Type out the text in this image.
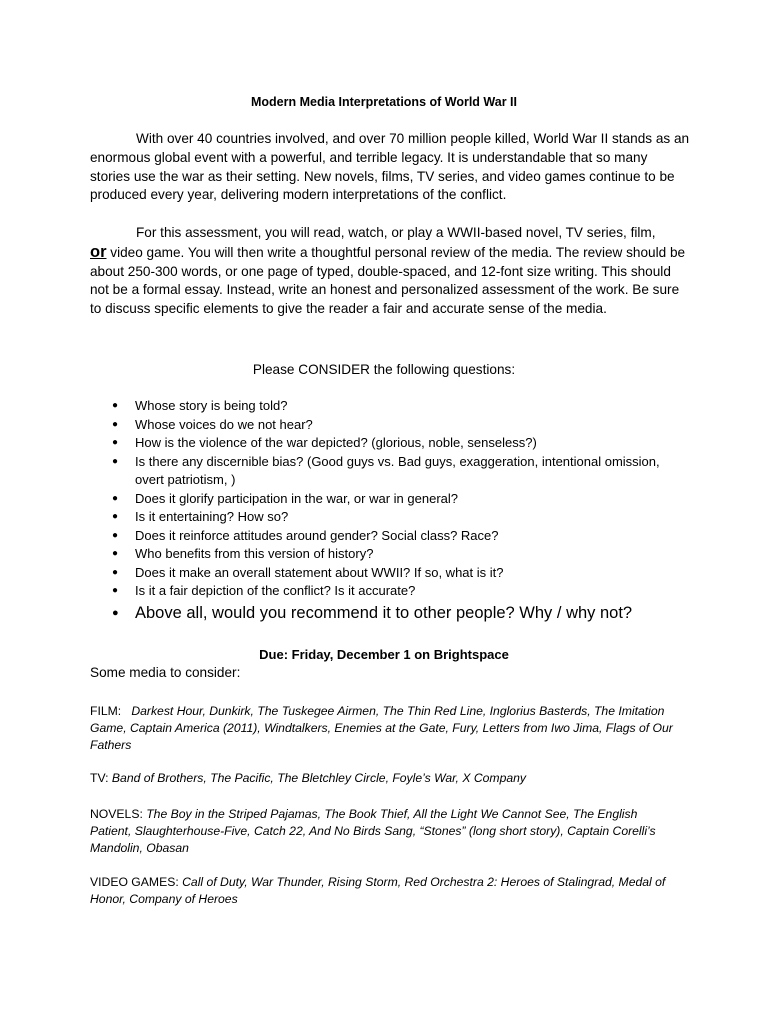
Modern Media Interpretations of World War II
With over 40 countries involved, and over 70 million people killed, World War II stands as an enormous global event with a powerful, and terrible legacy. It is understandable that so many stories use the war as their setting. New novels, films, TV series, and video games continue to be produced every year, delivering modern interpretations of the conflict.
For this assessment, you will read, watch, or play a WWII-based novel, TV series, film,
or video game. You will then write a thoughtful personal review of the media. The review should be about 250-300 words, or one page of typed, double-spaced, and 12-font size writing. This should not be a formal essay. Instead, write an honest and personalized assessment of the work. Be sure to discuss specific elements to give the reader a fair and accurate sense of the media.
Please CONSIDER the following questions:
● Whose story is being told?
● Whose voices do we not hear?
● How is the violence of the war depicted? (glorious, noble, senseless?)
● Is there any discernible bias? (Good guys vs. Bad guys, exaggeration, intentional omission, overt patriotism, )
● Does it glorify participation in the war, or war in general?
● Is it entertaining? How so?
● Does it reinforce attitudes around gender? Social class? Race?
● Who benefits from this version of history?
● Does it make an overall statement about WWII? If so, what is it?
● Is it a fair depiction of the conflict? Is it accurate?
● Above all, would you recommend it to other people? Why / why not?
Due: Friday, December 1 on Brightspace
Some media to consider:
FILM: Darkest Hour, Dunkirk, The Tuskegee Airmen, The Thin Red Line, Inglorius Basterds, The Imitation Game, Captain America (2011), Windtalkers, Enemies at the Gate, Fury, Letters from Iwo Jima, Flags of Our Fathers
TV: Band of Brothers, The Pacific, The Bletchley Circle, Foyle’s War, X Company
NOVELS: The Boy in the Striped Pajamas, The Book Thief, All the Light We Cannot See, The English Patient, Slaughterhouse-Five, Catch 22, And No Birds Sang, “Stones” (long short story), Captain Corelli’s Mandolin, Obasan
VIDEO GAMES: Call of Duty, War Thunder, Rising Storm, Red Orchestra 2: Heroes of Stalingrad, Medal of Honor, Company of Heroes
